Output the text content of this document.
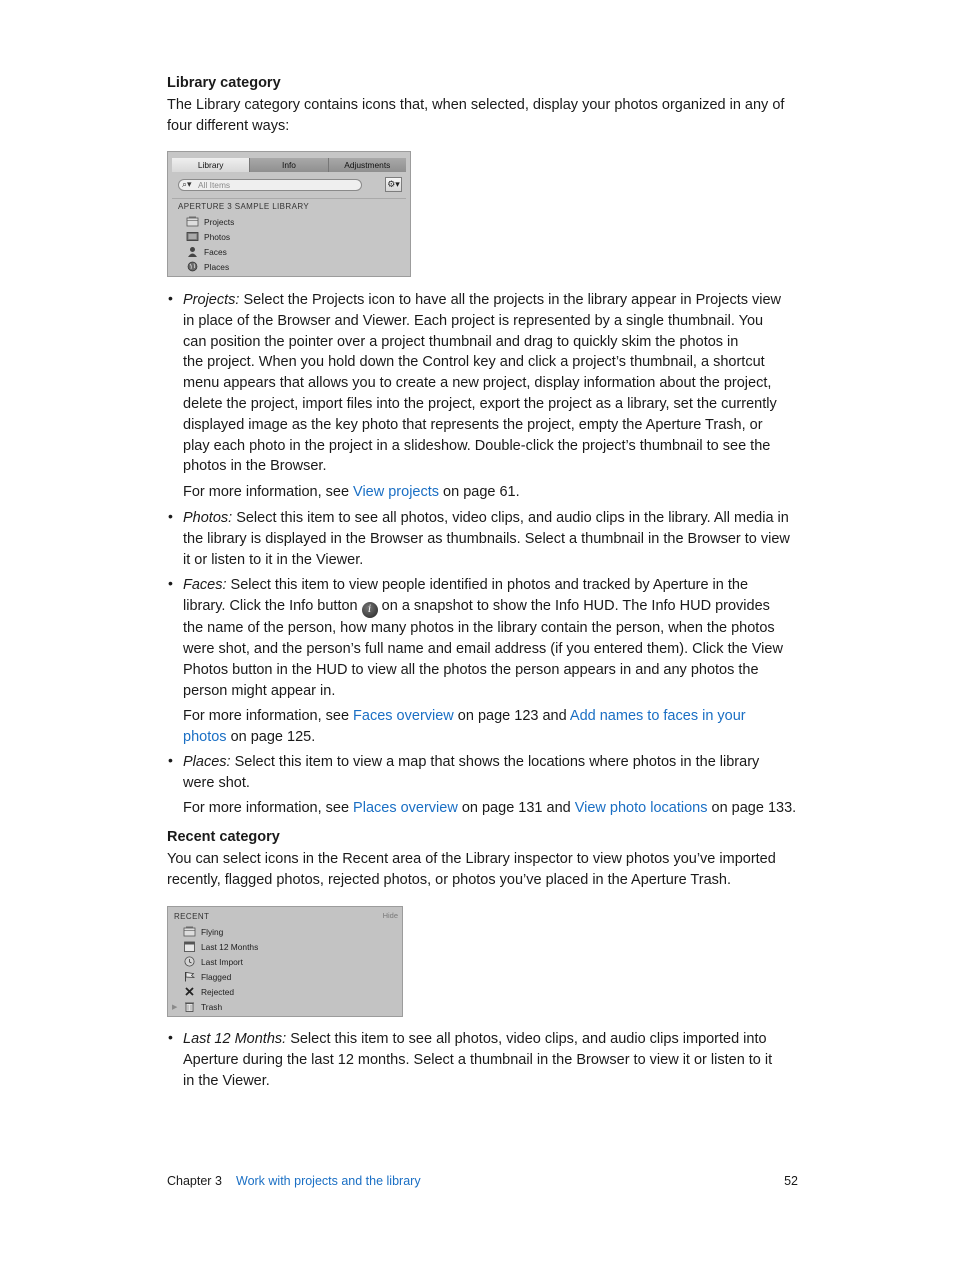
Library category

The Library category contains icons that, when selected, display your photos organized in any of four different ways:

Library	Info	Adjustments
⌕▾ All Items	⚙▾
APERTURE 3 SAMPLE LIBRARY
Projects
Photos
Faces
Places
• Projects: Select the Projects icon to have all the projects in the library appear in Projects view

in place of the Browser and Viewer. Each project is represented by a single thumbnail. You

can position the pointer over a project thumbnail and drag to quickly skim the photos in

the project. When you hold down the Control key and click a project’s thumbnail, a shortcut

menu appears that allows you to create a new project, display information about the project,

delete the project, import files into the project, export the project as a library, set the currently

displayed image as the key photo that represents the project, empty the Aperture Trash, or

play each photo in the project in a slideshow. Double-click the project’s thumbnail to see the

photos in the Browser.

For more information, see View projects on page 61.

• Photos: Select this item to see all photos, video clips, and audio clips in the library. All media in

the library is displayed in the Browser as thumbnails. Select a thumbnail in the Browser to view

it or listen to it in the Viewer.

• Faces: Select this item to view people identified in photos and tracked by Aperture in the

library. Click the Info button i on a snapshot to show the Info HUD. The Info HUD provides

the name of the person, how many photos in the library contain the person, when the photos

were shot, and the person’s full name and email address (if you entered them). Click the View

Photos button in the HUD to view all the photos the person appears in and any photos the

person might appear in.

For more information, see Faces overview on page 123 and Add names to faces in your

photos on page 125.

• Places: Select this item to view a map that shows the locations where photos in the library

were shot.

For more information, see Places overview on page 131 and View photo locations on page 133.

Recent category

You can select icons in the Recent area of the Library inspector to view photos you’ve imported

recently, flagged photos, rejected photos, or photos you’ve placed in the Aperture Trash.

RECENT	Hide
Flying
Last 12 Months
Last Import
Flagged
Rejected
▶	Trash
• Last 12 Months: Select this item to see all photos, video clips, and audio clips imported into

Aperture during the last 12 months. Select a thumbnail in the Browser to view it or listen to it

in the Viewer.

Chapter 3 Work with projects and the library	52
